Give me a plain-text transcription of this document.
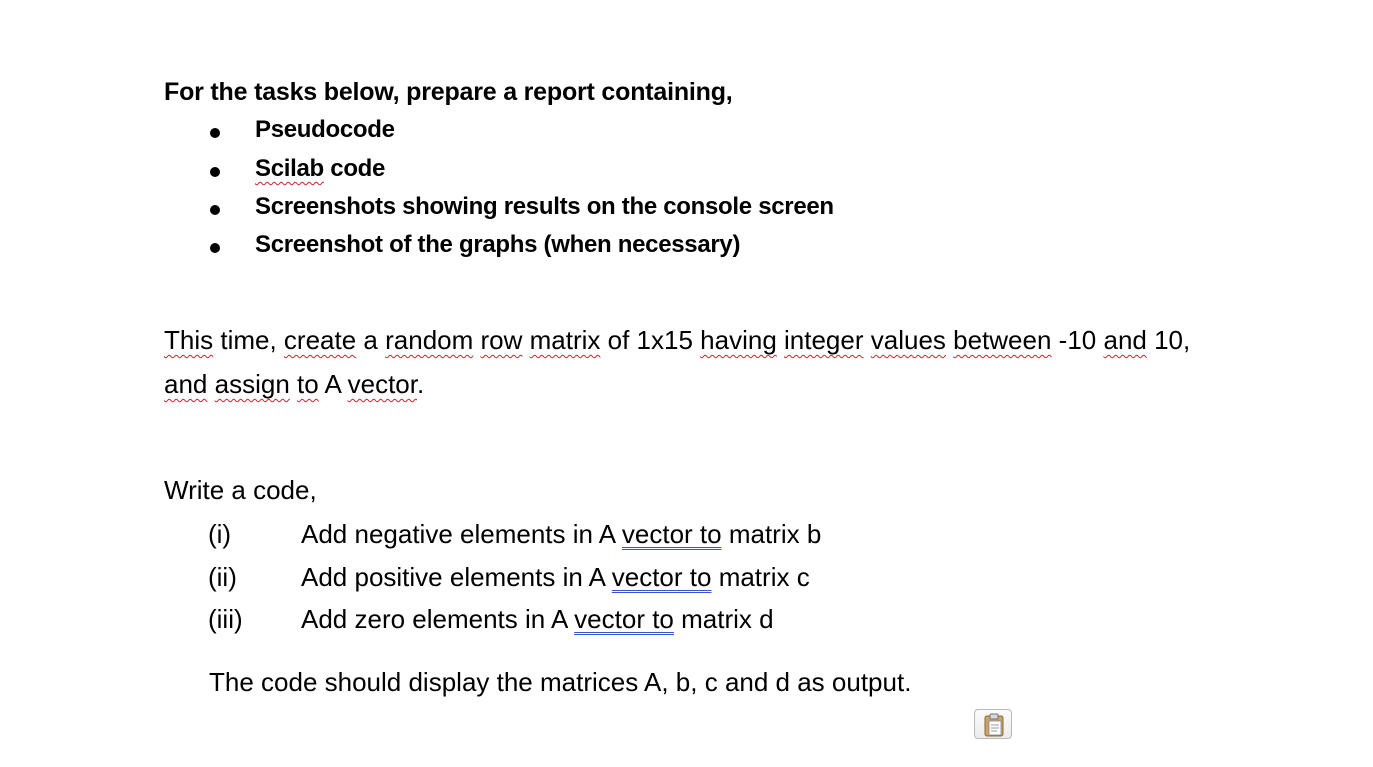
For the tasks below, prepare a report containing,
Pseudocode
Scilab code
Screenshots showing results on the console screen
Screenshot of the graphs (when necessary)
This time, create a random row matrix of 1x15 having integer values between -10 and 10,
and assign to A vector.
Write a code,
(i)	Add negative elements in A vector to matrix b
(ii) Add positive elements in A vector to matrix c
(iii) Add zero elements in A vector to matrix d
The code should display the matrices A, b, c and d as output.
